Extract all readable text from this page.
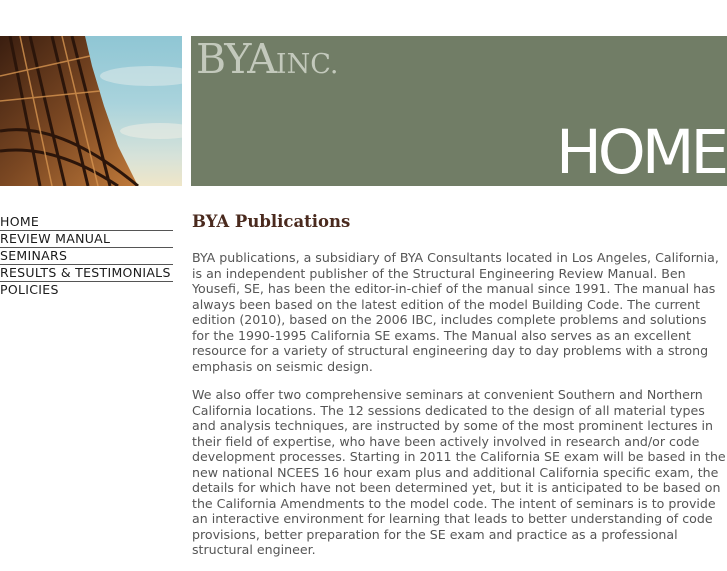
BYAINC.
HOME
HOME
REVIEW MANUAL
SEMINARS
RESULTS & TESTIMONIALS
POLICIES
BYA Publications

BYA publications, a subsidiary of BYA Consultants located in Los Angeles, California, is an independent publisher of the Structural Engineering Review Manual. Ben Yousefi, SE, has been the editor-in-chief of the manual since 1991. The manual has always been based on the latest edition of the model Building Code. The current edition (2010), based on the 2006 IBC, includes complete problems and solutions for the 1990-1995 California SE exams. The Manual also serves as an excellent resource for a variety of structural engineering day to day problems with a strong emphasis on seismic design.

We also offer two comprehensive seminars at convenient Southern and Northern California locations. The 12 sessions dedicated to the design of all material types and analysis techniques, are instructed by some of the most prominent lectures in their field of expertise, who have been actively involved in research and/or code development processes. Starting in 2011 the California SE exam will be based in the new national NCEES 16 hour exam plus and additional California specific exam, the details for which have not been determined yet, but it is anticipated to be based on the California Amendments to the model code. The intent of seminars is to provide an interactive environment for learning that leads to better understanding of code provisions, better preparation for the SE exam and practice as a professional structural engineer.
